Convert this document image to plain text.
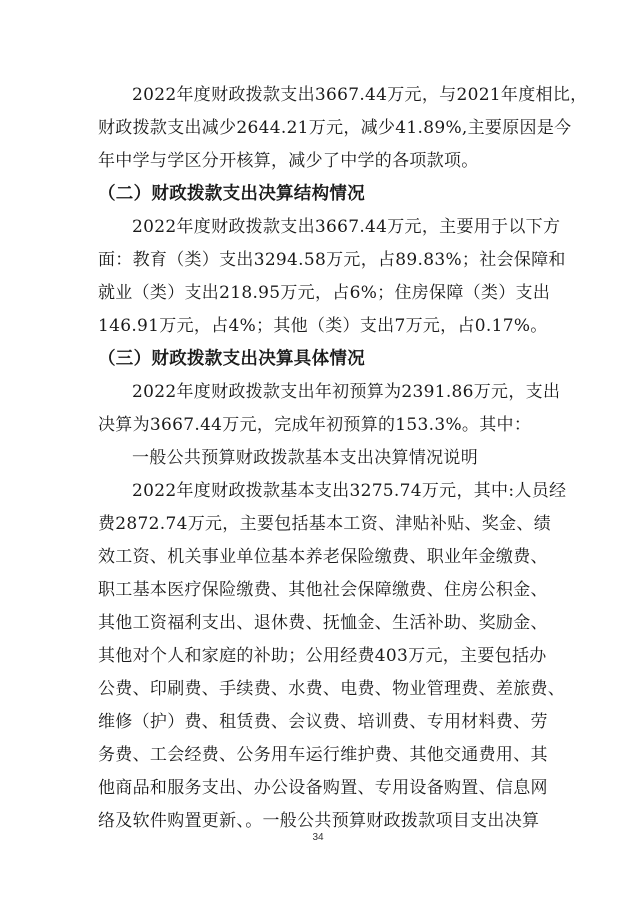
2022年度财政拨款支出3667.44万元，与2021年度相比，
财政拨款支出减少2644.21万元，减少41.89%,主要原因是今
年中学与学区分开核算，减少了中学的各项款项。
（二）财政拨款支出决算结构情况
2022年度财政拨款支出3667.44万元，主要用于以下方
面：教育（类）支出3294.58万元，占89.83%；社会保障和
就业（类）支出218.95万元，占6%；住房保障（类）支出
146.91万元，占4%；其他（类）支出7万元，占0.17%。
（三）财政拨款支出决算具体情况
2022年度财政拨款支出年初预算为2391.86万元，支出
决算为3667.44万元，完成年初预算的153.3%。其中：
一般公共预算财政拨款基本支出决算情况说明
2022年度财政拨款基本支出3275.74万元，其中:人员经
费2872.74万元，主要包括基本工资、津贴补贴、奖金、绩
效工资、机关事业单位基本养老保险缴费、职业年金缴费、
职工基本医疗保险缴费、其他社会保障缴费、住房公积金、
其他工资福利支出、退休费、抚恤金、生活补助、奖励金、
其他对个人和家庭的补助；公用经费403万元，主要包括办
公费、印刷费、手续费、水费、电费、物业管理费、差旅费、
维修（护）费、租赁费、会议费、培训费、专用材料费、劳
务费、工会经费、公务用车运行维护费、其他交通费用、其
他商品和服务支出、办公设备购置、专用设备购置、信息网
络及软件购置更新、。一般公共预算财政拨款项目支出决算
34
